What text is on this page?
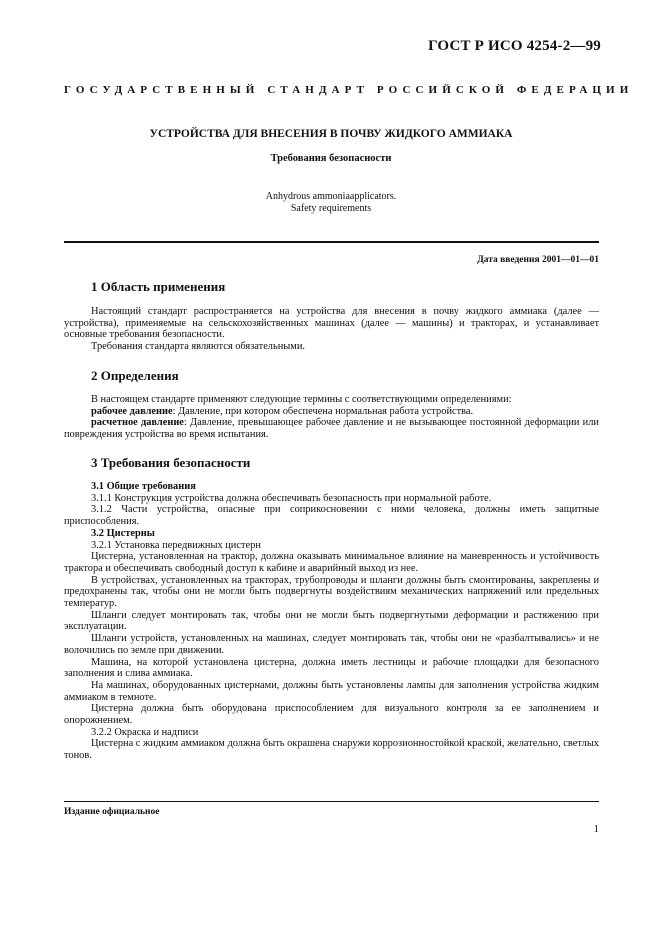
ГОСТ Р ИСО 4254-2—99
ГОСУДАРСТВЕННЫЙ СТАНДАРТ РОССИЙСКОЙ ФЕДЕРАЦИИ
УСТРОЙСТВА ДЛЯ ВНЕСЕНИЯ В ПОЧВУ ЖИДКОГО АММИАКА
Требования безопасности
Anhydrous ammoniaapplicators.
Safety requirements
Дата введения 2001—01—01
1 Область применения

Настоящий стандарт распространяется на устройства для внесения в почву жидкого аммиака (далее — устройства), применяемые на сельскохозяйственных машинах (далее — машины) и тракторах, и устанавливает основные требования безопасности.

Требования стандарта являются обязательными.

2 Определения

В настоящем стандарте применяют следующие термины с соответствующими определениями:

рабочее давление: Давление, при котором обеспечена нормальная работа устройства.

расчетное давление: Давление, превышающее рабочее давление и не вызывающее постоянной деформации или повреждения устройства во время испытания.

3 Требования безопасности

3.1 Общие требования

3.1.1 Конструкция устройства должна обеспечивать безопасность при нормальной работе.

3.1.2 Части устройства, опасные при соприкосновении с ними человека, должны иметь защитные приспособления.

3.2 Цистерны

3.2.1 Установка передвижных цистерн

Цистерна, установленная на трактор, должна оказывать минимальное влияние на маневренность и устойчивость трактора и обеспечивать свободный доступ к кабине и аварийный выход из нее.

В устройствах, установленных на тракторах, трубопроводы и шланги должны быть смонтированы, закреплены и предохранены так, чтобы они не могли быть подвергнуты воздействиям механических напряжений или предельных температур.

Шланги следует монтировать так, чтобы они не могли быть подвергнутыми деформации и растяжению при эксплуатации.

Шланги устройств, установленных на машинах, следует монтировать так, чтобы они не «разбалтывались» и не волочились по земле при движении.

Машина, на которой установлена цистерна, должна иметь лестницы и рабочие площадки для безопасного заполнения и слива аммиака.

На машинах, оборудованных цистернами, должны быть установлены лампы для заполнения устройства жидким аммиаком в темноте.

Цистерна должна быть оборудована приспособлением для визуального контроля за ее заполнением и опорожнением.

3.2.2 Окраска и надписи

Цистерна с жидким аммиаком должна быть окрашена снаружи коррозионностойкой краской, желательно, светлых тонов.

Издание официальное
1
